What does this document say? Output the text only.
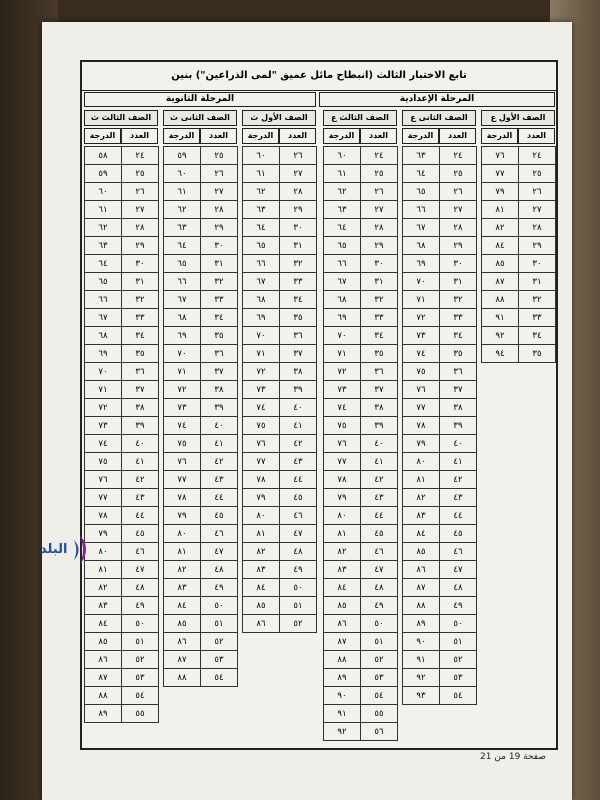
تابع الاختبار الثالث (انبطاح مائل عميق "لمى الذراعين") بنين
المرحلة الإعدادية
المرحلة الثانوية
الصف الأول ع
الصف الثانى ع
الصف الثالث ع
الصف الأول ث
الصف الثانى ث
الصف الثالث ث
العدد
الدرجة
العدد
الدرجة
العدد
الدرجة
العدد
الدرجة
العدد
الدرجة
العدد
الدرجة
٧٦	٢٤
٧٧	٢٥
٧٩	٢٦
٨١	٢٧
٨٢	٢٨
٨٤	٢٩
٨٥	٣٠
٨٧	٣١
٨٨	٣٢
٩١	٣٣
٩٢	٣٤
٩٤	٣٥
٦٣	٢٤
٦٤	٢٥
٦٥	٢٦
٦٦	٢٧
٦٧	٢٨
٦٨	٢٩
٦٩	٣٠
٧٠	٣١
٧١	٣٢
٧٢	٣٣
٧٣	٣٤
٧٤	٣٥
٧٥	٣٦
٧٦	٣٧
٧٧	٣٨
٧٨	٣٩
٧٩	٤٠
٨٠	٤١
٨١	٤٢
٨٢	٤٣
٨٣	٤٤
٨٤	٤٥
٨٥	٤٦
٨٦	٤٧
٨٧	٤٨
٨٨	٤٩
٨٩	٥٠
٩٠	٥١
٩١	٥٢
٩٢	٥٣
٩٣	٥٤
٦٠	٢٤
٦١	٢٥
٦٢	٢٦
٦٣	٢٧
٦٤	٢٨
٦٥	٢٩
٦٦	٣٠
٦٧	٣١
٦٨	٣٢
٦٩	٣٣
٧٠	٣٤
٧١	٣٥
٧٢	٣٦
٧٣	٣٧
٧٤	٣٨
٧٥	٣٩
٧٦	٤٠
٧٧	٤١
٧٨	٤٢
٧٩	٤٣
٨٠	٤٤
٨١	٤٥
٨٢	٤٦
٨٣	٤٧
٨٤	٤٨
٨٥	٤٩
٨٦	٥٠
٨٧	٥١
٨٨	٥٢
٨٩	٥٣
٩٠	٥٤
٩١	٥٥
٩٢	٥٦
٦٠	٢٦
٦١	٢٧
٦٢	٢٨
٦٣	٢٩
٦٤	٣٠
٦٥	٣١
٦٦	٣٢
٦٧	٣٣
٦٨	٣٤
٦٩	٣٥
٧٠	٣٦
٧١	٣٧
٧٢	٣٨
٧٣	٣٩
٧٤	٤٠
٧٥	٤١
٧٦	٤٢
٧٧	٤٣
٧٨	٤٤
٧٩	٤٥
٨٠	٤٦
٨١	٤٧
٨٢	٤٨
٨٣	٤٩
٨٤	٥٠
٨٥	٥١
٨٦	٥٢
٥٩	٢٥
٦٠	٢٦
٦١	٢٧
٦٢	٢٨
٦٣	٢٩
٦٤	٣٠
٦٥	٣١
٦٦	٣٢
٦٧	٣٣
٦٨	٣٤
٦٩	٣٥
٧٠	٣٦
٧١	٣٧
٧٢	٣٨
٧٣	٣٩
٧٤	٤٠
٧٥	٤١
٧٦	٤٢
٧٧	٤٣
٧٨	٤٤
٧٩	٤٥
٨٠	٤٦
٨١	٤٧
٨٢	٤٨
٨٣	٤٩
٨٤	٥٠
٨٥	٥١
٨٦	٥٢
٨٧	٥٣
٨٨	٥٤
٥٨	٢٤
٥٩	٢٥
٦٠	٢٦
٦١	٢٧
٦٢	٢٨
٦٣	٢٩
٦٤	٣٠
٦٥	٣١
٦٦	٣٢
٦٧	٣٣
٦٨	٣٤
٦٩	٣٥
٧٠	٣٦
٧١	٣٧
٧٢	٣٨
٧٣	٣٩
٧٤	٤٠
٧٥	٤١
٧٦	٤٢
٧٧	٤٣
٧٨	٤٤
٧٩	٤٥
٨٠	٤٦
٨١	٤٧
٨٢	٤٨
٨٣	٤٩
٨٤	٥٠
٨٥	٥١
٨٦	٥٢
٨٧	٥٣
٨٨	٥٤
٨٩	٥٥
البلد
صفحة 19 من 21
